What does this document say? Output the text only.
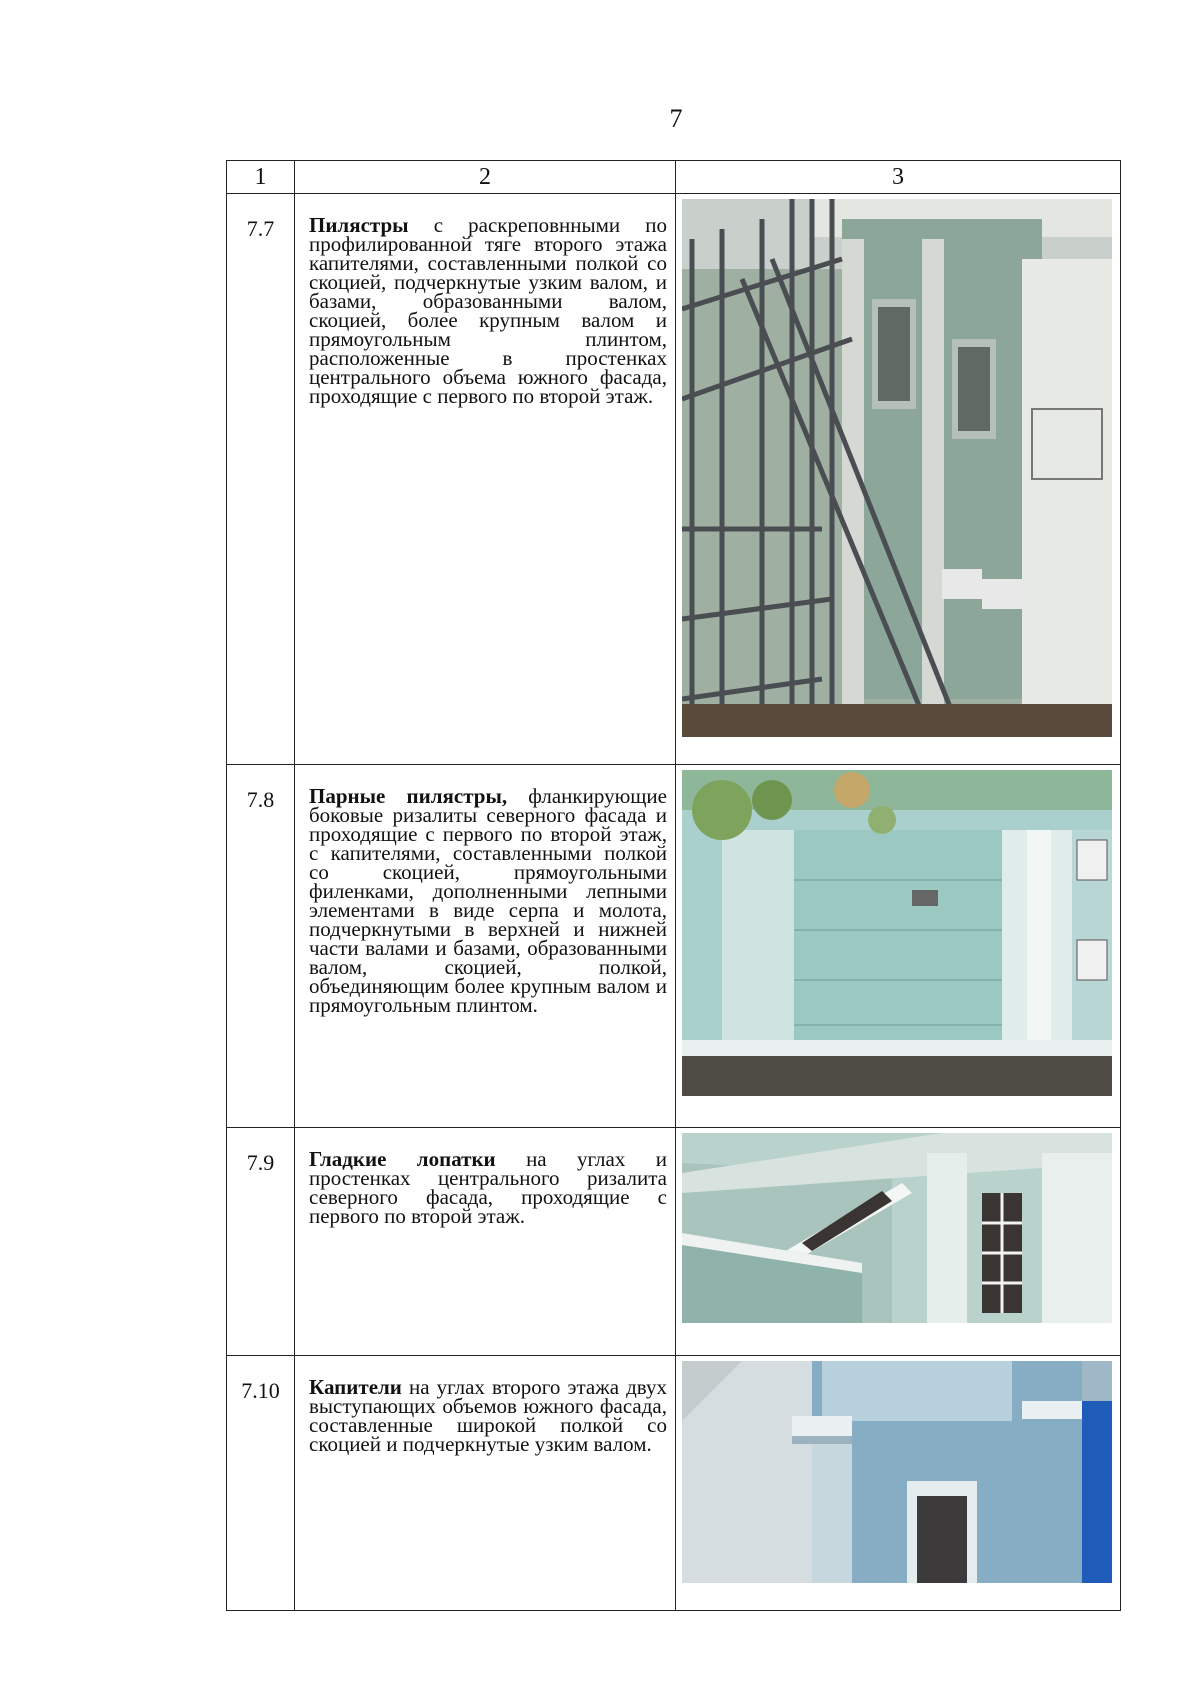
7
1	2	3
7.7	Пилястры с раскреповнными по профилированной тяге второго этажа капителями, составленными полкой со скоцией, подчеркнутые узким валом, и базами, образованными валом, скоцией, более крупным валом и прямоугольным плинтом, расположенные в простенках центрального объема южного фасада, проходящие с первого по второй этаж.	

7.8	Парные пилястры, фланкирующие боковые ризалиты северного фасада и проходящие с первого по второй этаж, с капителями, составленными полкой со скоцией, прямоугольными филенками, дополненными лепными элементами в виде серпа и молота, подчеркнутыми в верхней и нижней части валами и базами, образованными валом, скоцией, полкой, объединяющим более крупным валом и прямоугольным плинтом.	

7.9	Гладкие лопатки на углах и простенках центрального ризалита северного фасада, проходящие с первого по второй этаж.	

7.10	Капители на углах второго этажа двух выступающих объемов южного фасада, составленные широкой полкой со скоцией и подчеркнутые узким валом.	
